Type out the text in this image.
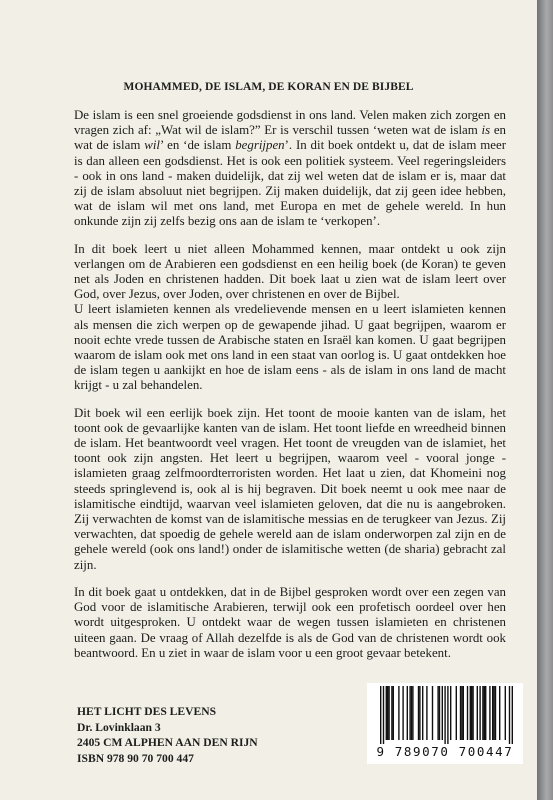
MOHAMMED, DE ISLAM, DE KORAN EN DE BIJBEL

De islam is een snel groeiende godsdienst in ons land. Velen maken zich zorgen en vragen zich af: „Wat wil de islam?” Er is verschil tussen ‘weten wat de islam is en wat de islam wil’ en ‘de islam begrijpen’. In dit boek ontdekt u, dat de islam meer is dan alleen een godsdienst. Het is ook een politiek systeem. Veel regeringsleiders - ook in ons land - maken duidelijk, dat zij wel weten dat de islam er is, maar dat zij de islam absoluut niet begrijpen. Zij maken duidelijk, dat zij geen idee hebben, wat de islam wil met ons land, met Europa en met de gehele wereld. In hun onkunde zijn zij zelfs bezig ons aan de islam te ‘verkopen’.

In dit boek leert u niet alleen Mohammed kennen, maar ontdekt u ook zijn verlangen om de Arabieren een godsdienst en een heilig boek (de Koran) te geven net als Joden en christenen hadden. Dit boek laat u zien wat de islam leert over God, over Jezus, over Joden, over christenen en over de Bijbel.

U leert islamieten kennen als vredelievende mensen en u leert islamieten kennen als mensen die zich werpen op de gewapende jihad. U gaat begrijpen, waarom er nooit echte vrede tussen de Arabische staten en Israël kan komen. U gaat begrijpen waarom de islam ook met ons land in een staat van oorlog is. U gaat ontdekken hoe de islam tegen u aankijkt en hoe de islam eens - als de islam in ons land de macht krijgt - u zal behandelen.

Dit boek wil een eerlijk boek zijn. Het toont de mooie kanten van de islam, het toont ook de gevaarlijke kanten van de islam. Het toont liefde en wreedheid binnen de islam. Het beantwoordt veel vragen. Het toont de vreugden van de islamiet, het toont ook zijn angsten. Het leert u begrijpen, waarom veel - vooral jonge - islamieten graag zelfmoordterroristen worden. Het laat u zien, dat Khomeini nog steeds springlevend is, ook al is hij begraven. Dit boek neemt u ook mee naar de islamitische eindtijd, waarvan veel islamieten geloven, dat die nu is aangebroken. Zij verwachten de komst van de islamitische messias en de terugkeer van Jezus. Zij verwachten, dat spoedig de gehele wereld aan de islam onderworpen zal zijn en de gehele wereld (ook ons land!) onder de islamitische wetten (de sharia) gebracht zal zijn.

In dit boek gaat u ontdekken, dat in de Bijbel gesproken wordt over een zegen van God voor de islamitische Arabieren, terwijl ook een profetisch oordeel over hen wordt uitgesproken. U ontdekt waar de wegen tussen islamieten en christenen uiteen gaan. De vraag of Allah dezelfde is als de God van de christenen wordt ook beantwoord. En u ziet in waar de islam voor u een groot gevaar betekent.

HET LICHT DES LEVENS
Dr. Lovinklaan 3
2405 CM ALPHEN AAN DEN RIJN
ISBN 978 90 70 700 447	9 789070 700447
